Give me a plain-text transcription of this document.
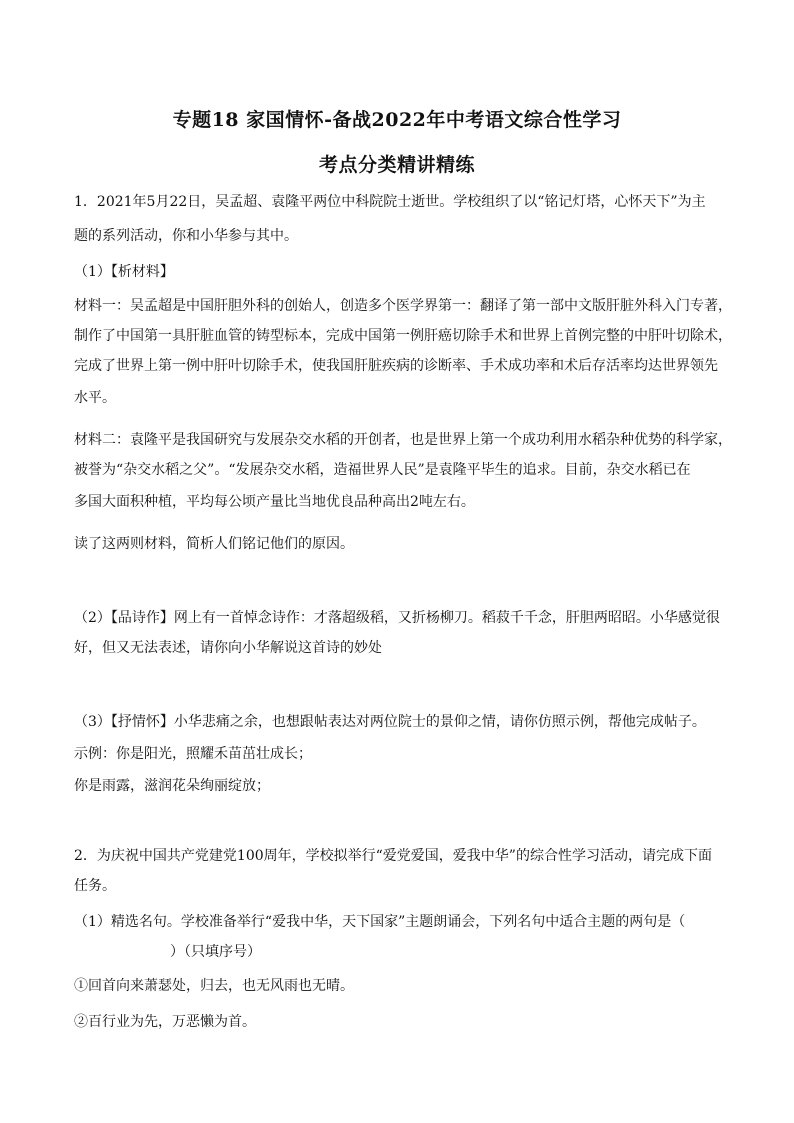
专题18 家国情怀-备战2022年中考语文综合性学习
考点分类精讲精练
1．2021年5月22日，吴孟超、袁隆平两位中科院院士逝世。学校组织了以“铭记灯塔，心怀天下”为主
题的系列活动，你和小华参与其中。
（1）【析材料】
材料一：吴孟超是中国肝胆外科的创始人，创造多个医学界第一：翻译了第一部中文版肝脏外科入门专著，
制作了中国第一具肝脏血管的铸型标本，完成中国第一例肝癌切除手术和世界上首例完整的中肝叶切除术，
完成了世界上第一例中肝叶切除手术，使我国肝脏疾病的诊断率、手术成功率和术后存活率均达世界领先
水平。
材料二：袁隆平是我国研究与发展杂交水稻的开创者，也是世界上第一个成功利用水稻杂种优势的科学家，
被誉为“杂交水稻之父”。“发展杂交水稻，造福世界人民”是袁隆平毕生的追求。目前，杂交水稻已在
多国大面积种植，平均每公顷产量比当地优良品种高出2吨左右。
读了这两则材料，简析人们铭记他们的原因。
（2）【品诗作】网上有一首悼念诗作：才落超级稻，又折杨柳刀。稻菽千千念，肝胆两昭昭。小华感觉很
好，但又无法表述，请你向小华解说这首诗的妙处
（3）【抒情怀】小华悲痛之余，也想跟帖表达对两位院士的景仰之情，请你仿照示例，帮他完成帖子。
示例：你是阳光，照耀禾苗茁壮成长；
你是雨露，滋润花朵绚丽绽放；
2．为庆祝中国共产党建党100周年，学校拟举行“爱党爱国，爱我中华”的综合性学习活动，请完成下面
任务。
（1）精选名句。学校准备举行“爱我中华，天下国家”主题朗诵会，下列名句中适合主题的两句是（
）（只填序号）
①回首向来萧瑟处，归去，也无风雨也无晴。
②百行业为先，万恶懒为首。
